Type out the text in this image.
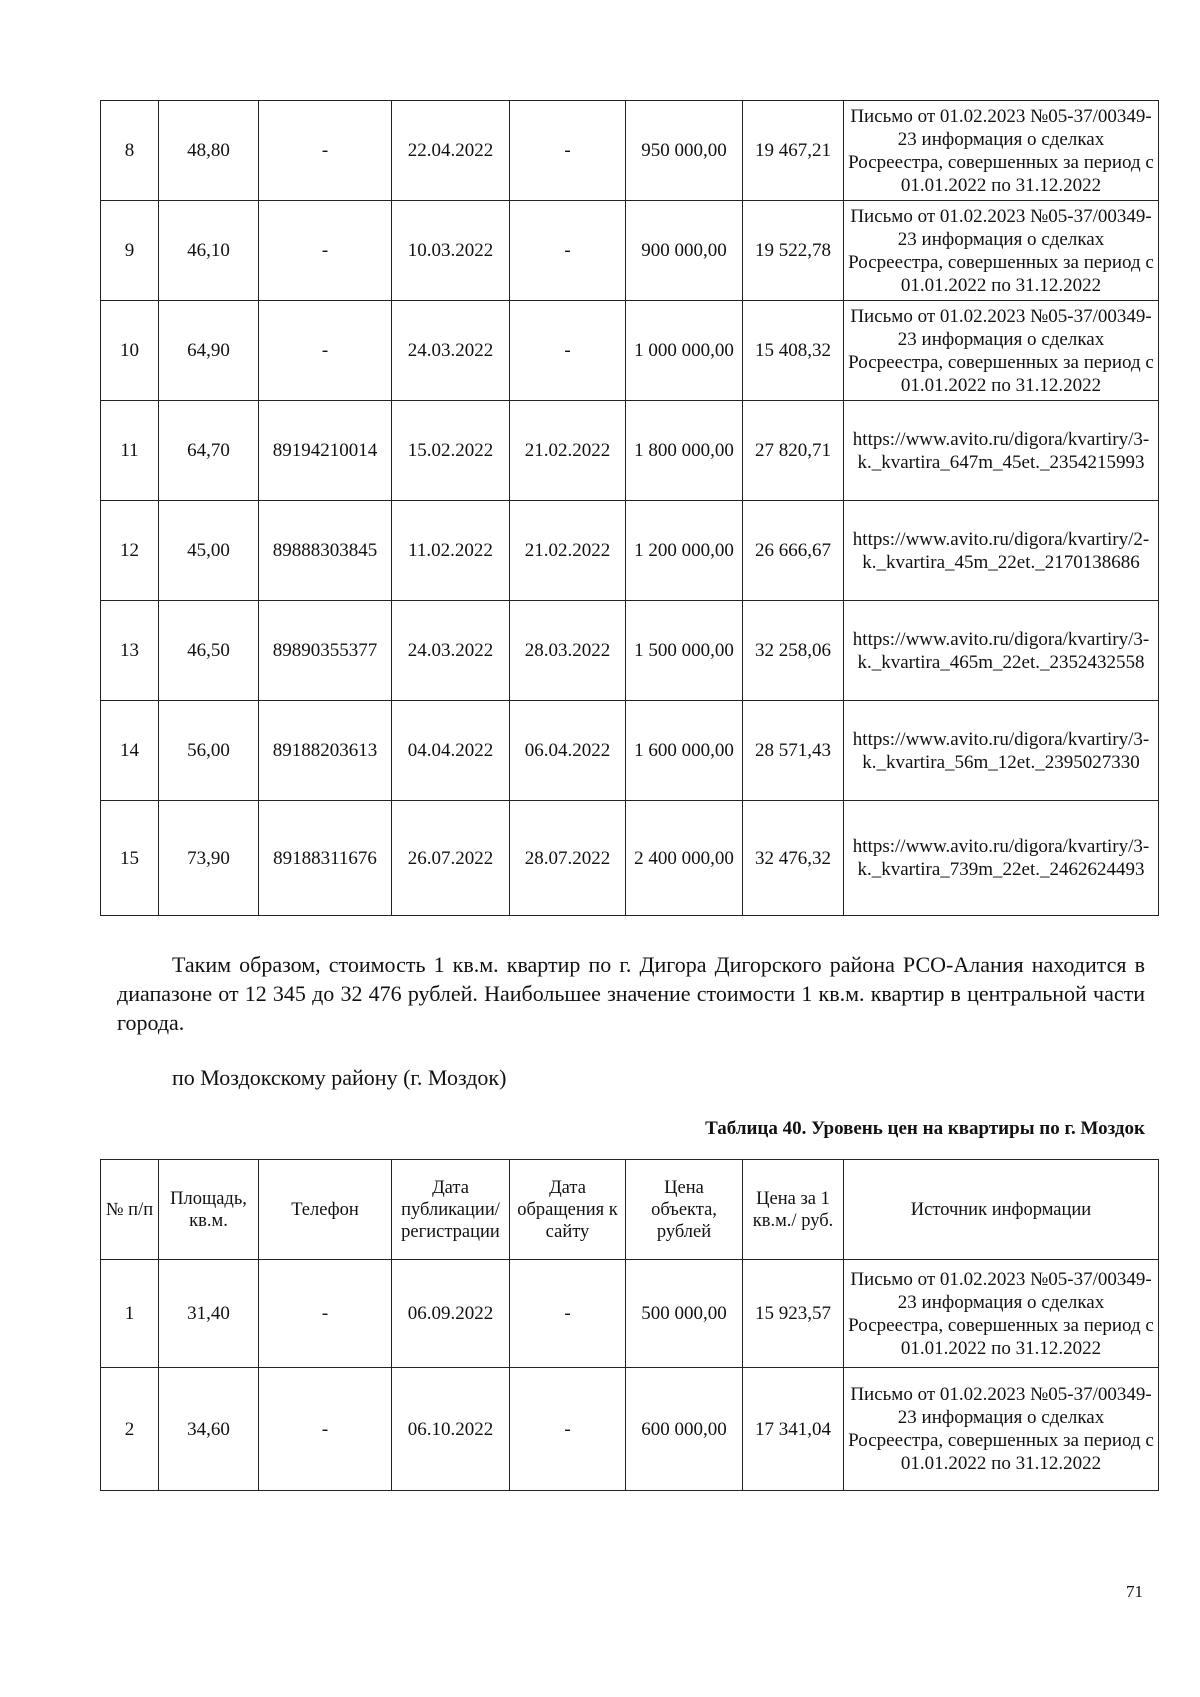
8	48,80	-	22.04.2022	-	950 000,00	19 467,21	Письмо от 01.02.2023 №05-37/00349-23 информация о сделках Росреестра, совершенных за период с 01.01.2022 по 31.12.2022
9	46,10	-	10.03.2022	-	900 000,00	19 522,78	Письмо от 01.02.2023 №05-37/00349-23 информация о сделках Росреестра, совершенных за период с 01.01.2022 по 31.12.2022
10	64,90	-	24.03.2022	-	1 000 000,00	15 408,32	Письмо от 01.02.2023 №05-37/00349-23 информация о сделках Росреестра, совершенных за период с 01.01.2022 по 31.12.2022
11	64,70	89194210014	15.02.2022	21.02.2022	1 800 000,00	27 820,71	https://www.avito.ru/digora/kvartiry/3-k._kvartira_647m_45et._2354215993
12	45,00	89888303845	11.02.2022	21.02.2022	1 200 000,00	26 666,67	https://www.avito.ru/digora/kvartiry/2-k._kvartira_45m_22et._2170138686
13	46,50	89890355377	24.03.2022	28.03.2022	1 500 000,00	32 258,06	https://www.avito.ru/digora/kvartiry/3-k._kvartira_465m_22et._2352432558
14	56,00	89188203613	04.04.2022	06.04.2022	1 600 000,00	28 571,43	https://www.avito.ru/digora/kvartiry/3-k._kvartira_56m_12et._2395027330
15	73,90	89188311676	26.07.2022	28.07.2022	2 400 000,00	32 476,32	https://www.avito.ru/digora/kvartiry/3-k._kvartira_739m_22et._2462624493

Таким образом, стоимость 1 кв.м. квартир по г. Дигора Дигорского района РСО-Алания находится в диапазоне от 12 345 до 32 476 рублей. Наибольшее значение стоимости 1 кв.м. квартир в центральной части города.

по Моздокскому району (г. Моздок)

Таблица 40. Уровень цен на квартиры по г. Моздок

№ п/п	Площадь, кв.м.	Телефон	Дата публикации/ регистрации	Дата обращения к сайту	Цена объекта, рублей	Цена за 1 кв.м./ руб.	Источник информации
1	31,40	-	06.09.2022	-	500 000,00	15 923,57	Письмо от 01.02.2023 №05-37/00349-23 информация о сделках Росреестра, совершенных за период с 01.01.2022 по 31.12.2022
2	34,60	-	06.10.2022	-	600 000,00	17 341,04	Письмо от 01.02.2023 №05-37/00349-23 информация о сделках Росреестра, совершенных за период с 01.01.2022 по 31.12.2022
71
